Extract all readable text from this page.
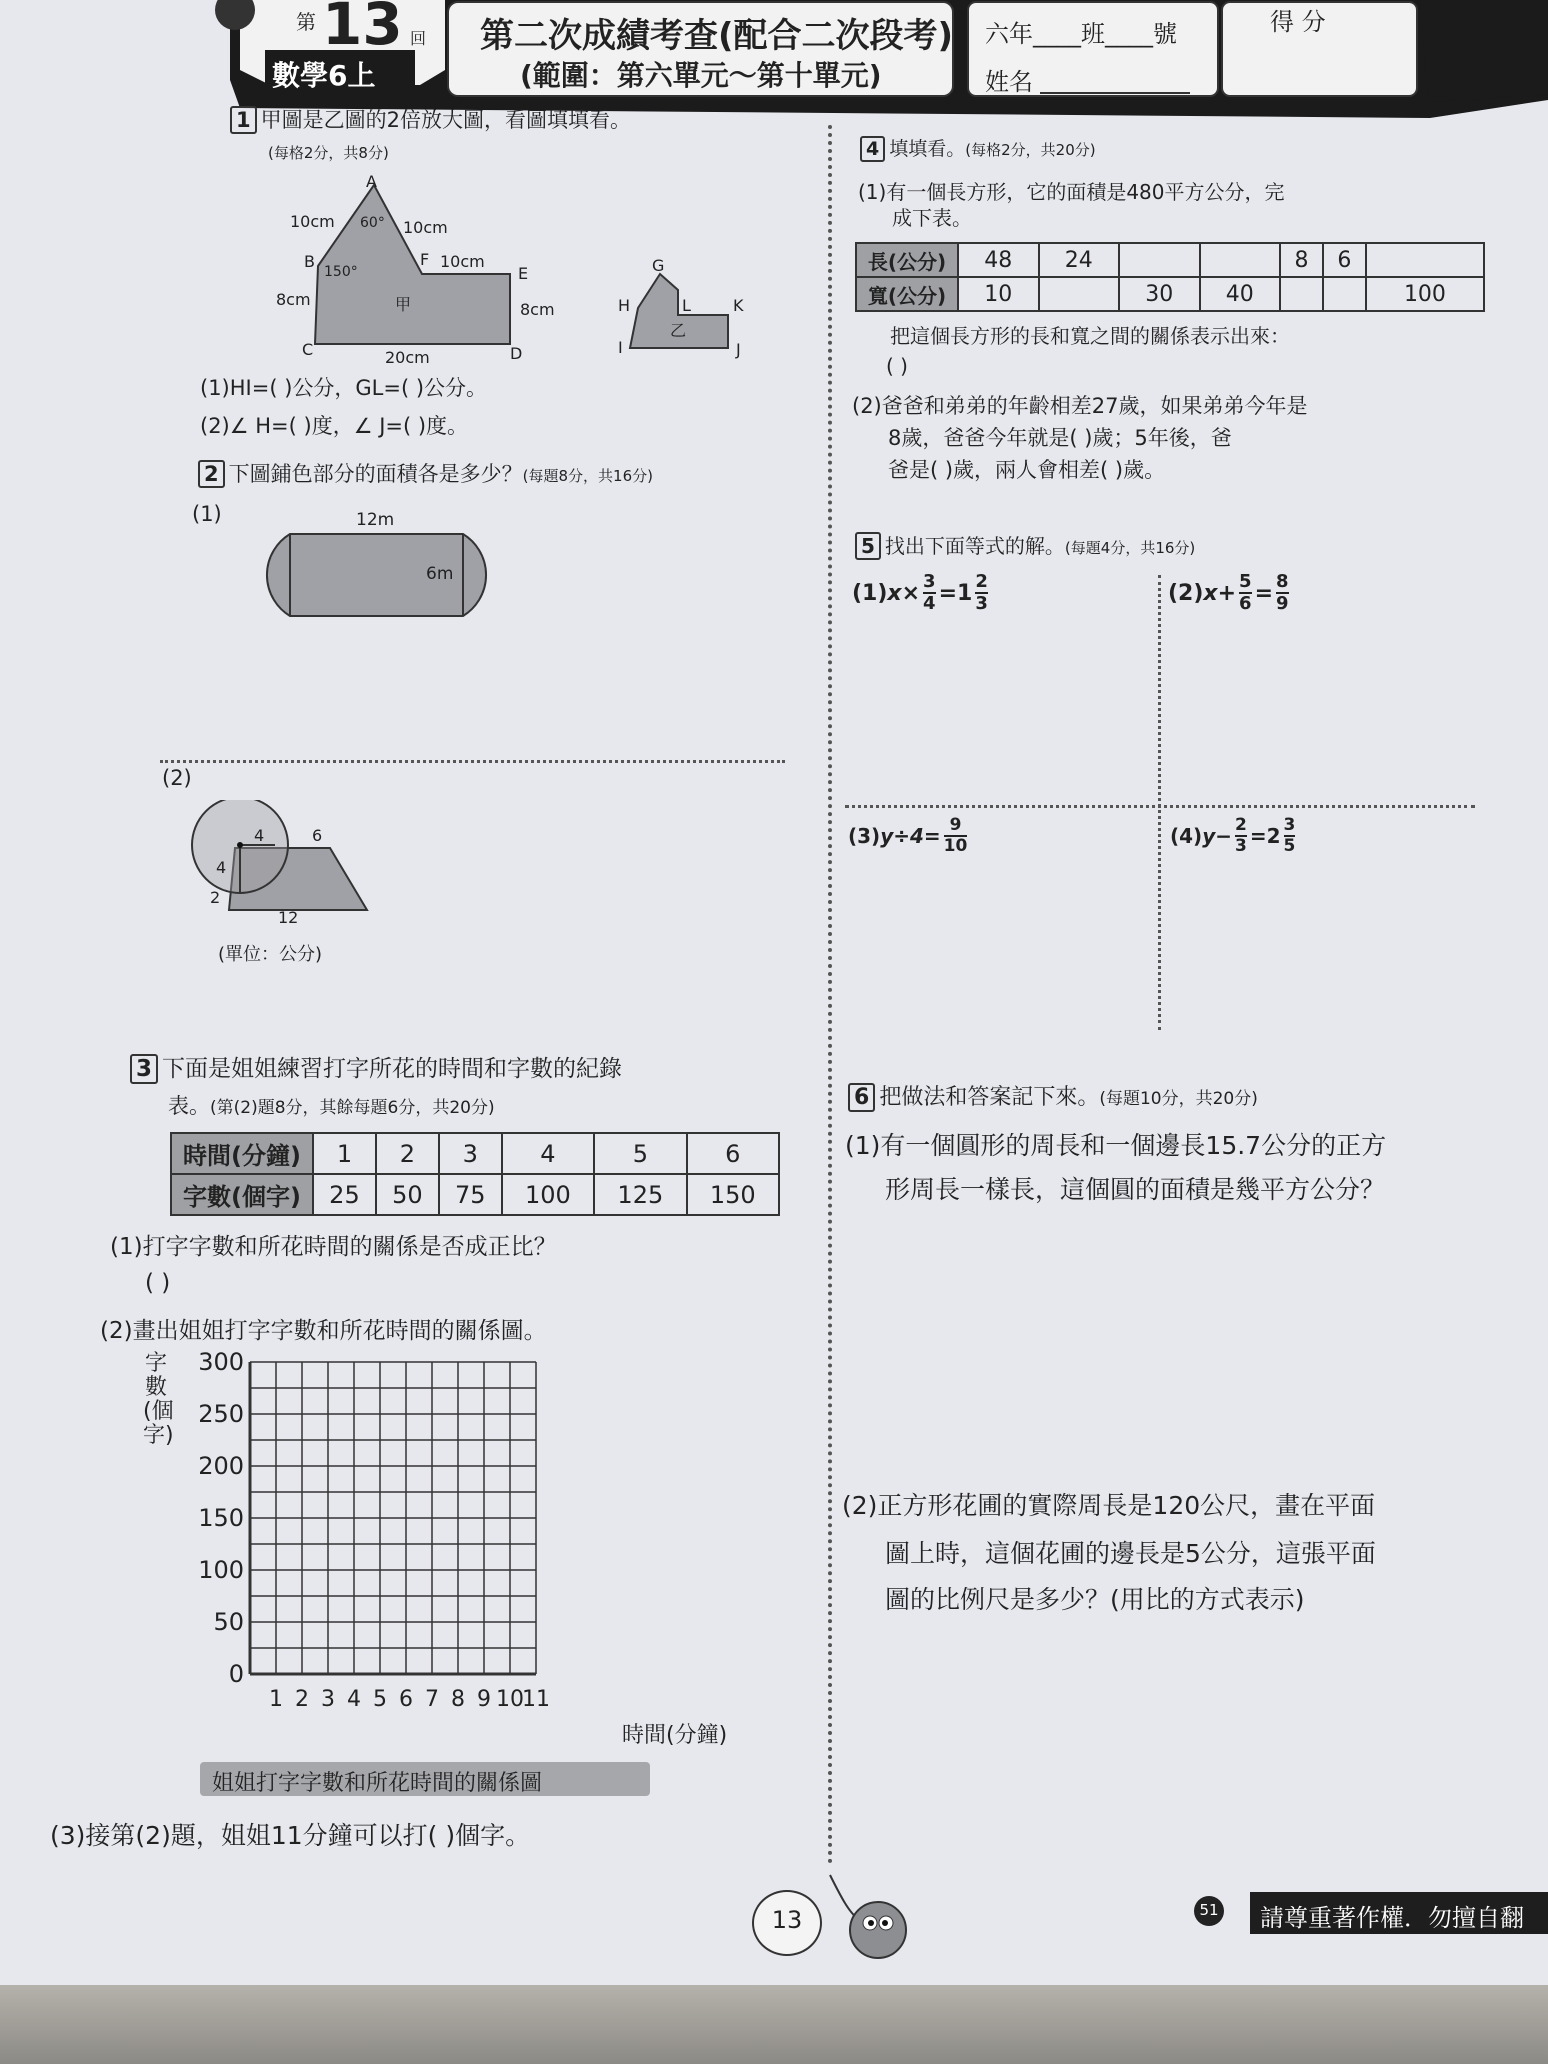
第 13 回
數學6上
第二次成績考查(配合二次段考)
(範圍：第六單元～第十單元)
六年____班____號
姓名
得 分
1 甲圖是乙圖的2倍放大圖，看圖填填看。
(每格2分，共8分)
A
10cm 60° 10cm
B
150°
F 10cm
E
8cm	甲	8cm
C	D
20cm
G
H	L	K
乙
I	J
(1)HI=( )公分，GL=( )公分。
(2)∠ H=( )度，∠ J=( )度。
2 下圖鋪色部分的面積各是多少？(每題8分，共16分)
(1)	12m
6m
(2)
4	6
4
2
12
(單位：公分)
3 下面是姐姐練習打字所花的時間和字數的紀錄
表。(第(2)題8分，其餘每題6分，共20分)
時間(分鐘)	1	2	3	4	5	6
字數(個字)	25	50	75	100	125	150
(1)打字字數和所花時間的關係是否成正比？
( )
(2)畫出姐姐打字字數和所花時間的關係圖。
字數(個字)
300
250
200
150
100
50
0
1 2 3 4 5 6 7 8 9 10
11
時間(分鐘)
姐姐打字字數和所花時間的關係圖
(3)接第(2)題，姐姐11分鐘可以打( )個字。
4 填填看。(每格2分，共20分)
(1)有一個長方形，它的面積是480平方公分，完
成下表。
長(公分)	48	24			8	6	
寬(公分)	10		30	40			100
把這個長方形的長和寬之間的關係表示出來：
( )
(2)爸爸和弟弟的年齡相差27歲，如果弟弟今年是
8歲，爸爸今年就是( )歲；5年後，爸
爸是( )歲，兩人會相差( )歲。
5 找出下面等式的解。(每題4分，共16分)
(1) $x\times \frac{3}{4} =1$ 2
3	(2) $x+ \frac{5}{6} = \frac{8}{9}$
(3) $y\div 4= \frac{9}{10}$	(4) $y- \frac{2}{3} =2$ 3
5
6 把做法和答案記下來。(每題10分，共20分)
(1)有一個圓形的周長和一個邊長15.7公分的正方
形周長一樣長，這個圓的面積是幾平方公分？
(2)正方形花圃的實際周長是120公尺，畫在平面
圖上時，這個花圃的邊長是5公分，這張平面
圖的比例尺是多少？(用比的方式表示)
13	51 請尊重著作權．勿擅自翻
